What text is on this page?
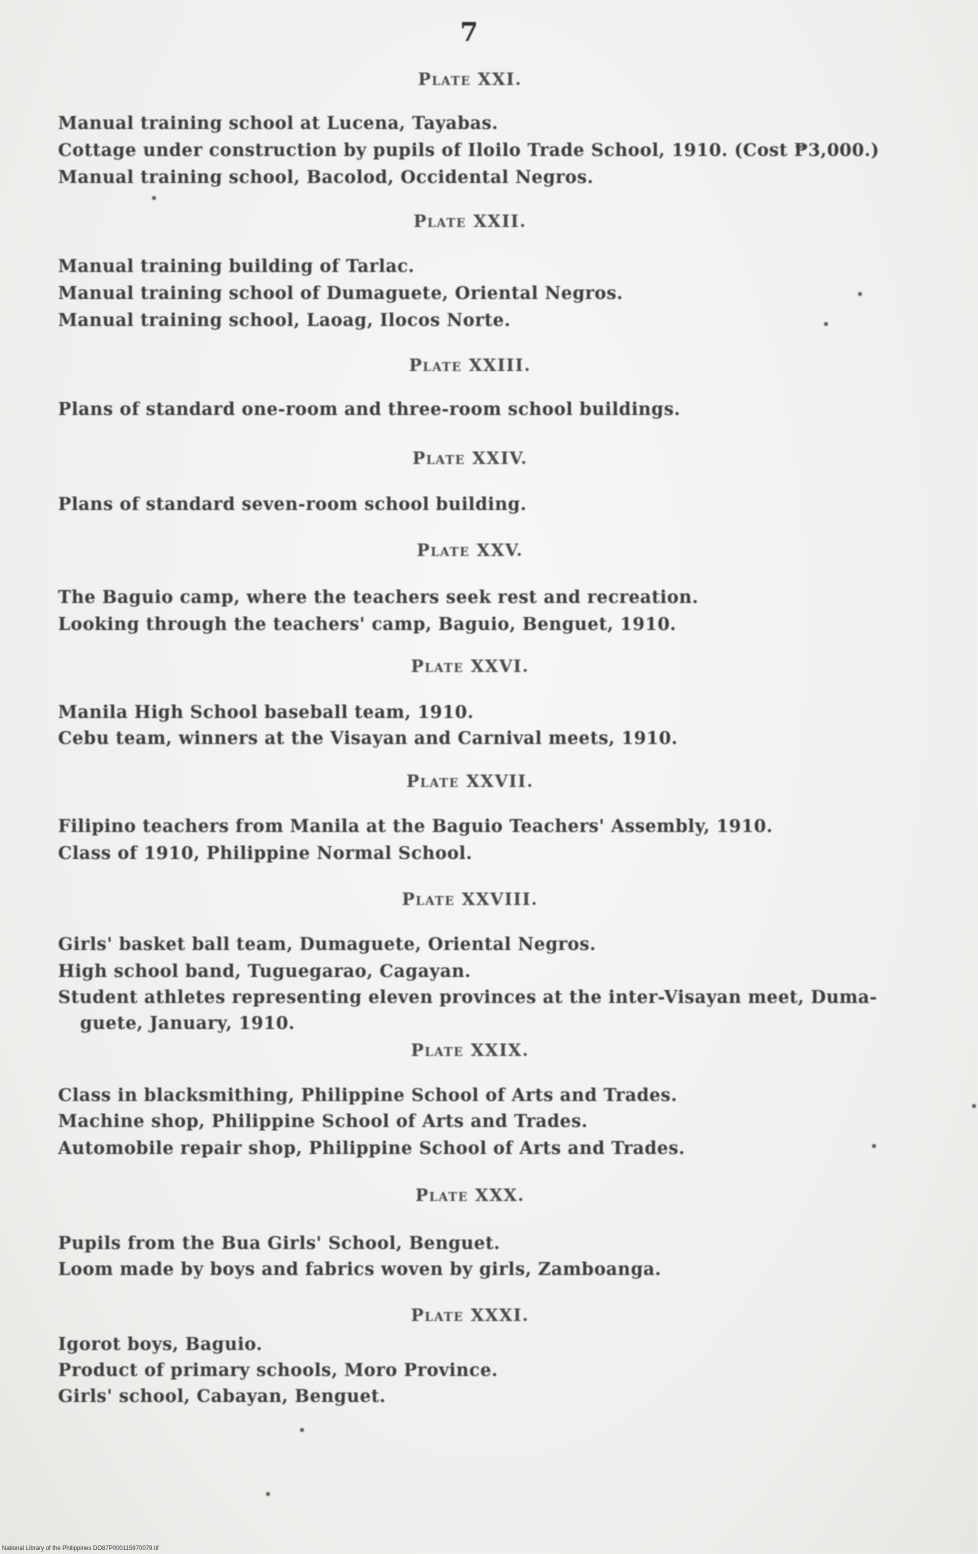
7
Plate XXI.
Manual training school at Lucena, Tayabas.
Cottage under construction by pupils of Iloilo Trade School, 1910. (Cost ₱3,000.)
Manual training school, Bacolod, Occidental Negros.
Plate XXII.
Manual training building of Tarlac.
Manual training school of Dumaguete, Oriental Negros.
Manual training school, Laoag, Ilocos Norte.
Plate XXIII.
Plans of standard one-room and three-room school buildings.
Plate XXIV.
Plans of standard seven-room school building.
Plate XXV.
The Baguio camp, where the teachers seek rest and recreation.
Looking through the teachers' camp, Baguio, Benguet, 1910.
Plate XXVI.
Manila High School baseball team, 1910.
Cebu team, winners at the Visayan and Carnival meets, 1910.
Plate XXVII.
Filipino teachers from Manila at the Baguio Teachers' Assembly, 1910.
Class of 1910, Philippine Normal School.
Plate XXVIII.
Girls' basket ball team, Dumaguete, Oriental Negros.
High school band, Tuguegarao, Cagayan.
Student athletes representing eleven provinces at the inter-Visayan meet, Duma-
guete, January, 1910.
Plate XXIX.
Class in blacksmithing, Philippine School of Arts and Trades.
Machine shop, Philippine School of Arts and Trades.
Automobile repair shop, Philippine School of Arts and Trades.
Plate XXX.
Pupils from the Bua Girls' School, Benguet.
Loom made by boys and fabrics woven by girls, Zamboanga.
Plate XXXI.
Igorot boys, Baguio.
Product of primary schools, Moro Province.
Girls' school, Cabayan, Benguet.
National Library of the Philippines DO87P000115970079.tif
